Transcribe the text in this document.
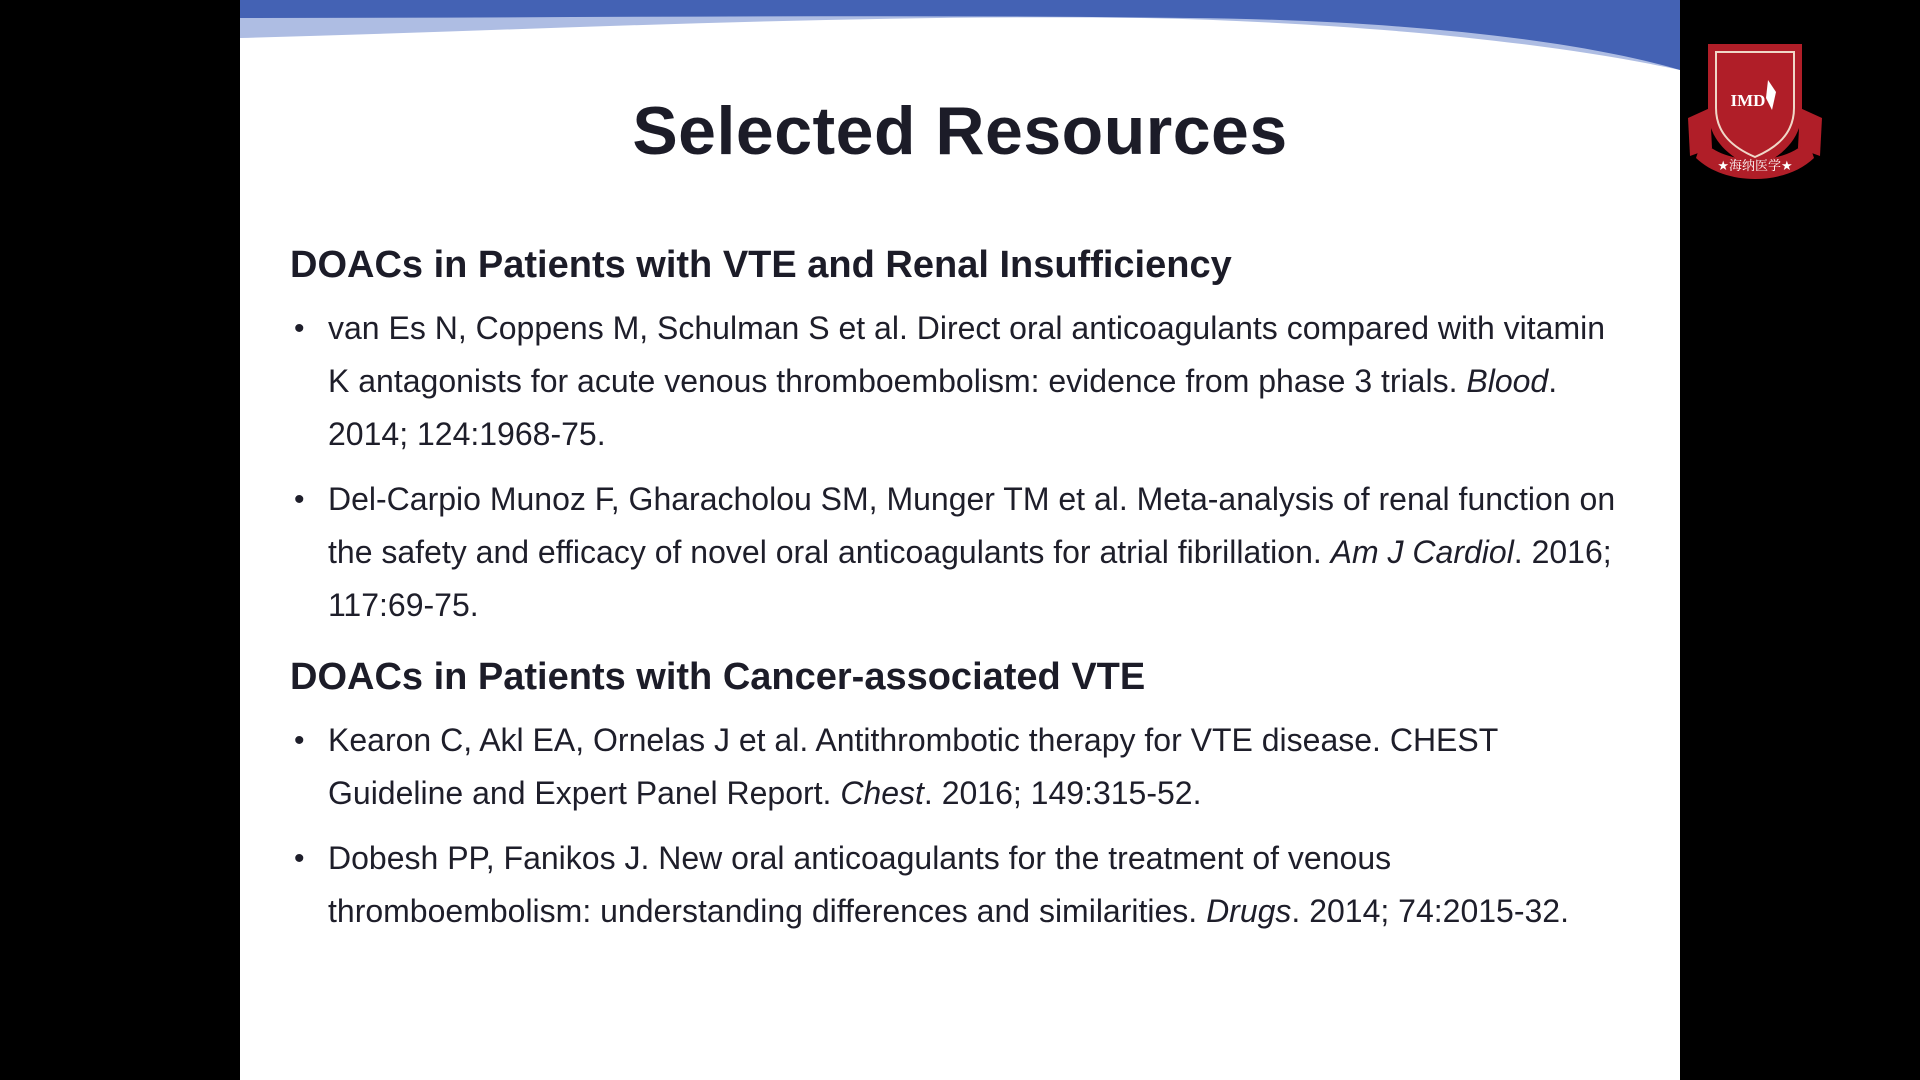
Selected Resources
DOACs in Patients with VTE and Renal Insufficiency
• van Es N, Coppens M, Schulman S et al. Direct oral anticoagulants compared with vitamin K antagonists for acute venous thromboembolism: evidence from phase 3 trials. Blood. 2014; 124:1968-75.
• Del-Carpio Munoz F, Gharacholou SM, Munger TM et al. Meta-analysis of renal function on the safety and efficacy of novel oral anticoagulants for atrial fibrillation. Am J Cardiol. 2016; 117:69-75.
DOACs in Patients with Cancer-associated VTE
• Kearon C, Akl EA, Ornelas J et al. Antithrombotic therapy for VTE disease. CHEST Guideline and Expert Panel Report. Chest. 2016; 149:315-52.
• Dobesh PP, Fanikos J. New oral anticoagulants for the treatment of venous thromboembolism: understanding differences and similarities. Drugs. 2014; 74:2015-32.
IMD
★海纳医学★
